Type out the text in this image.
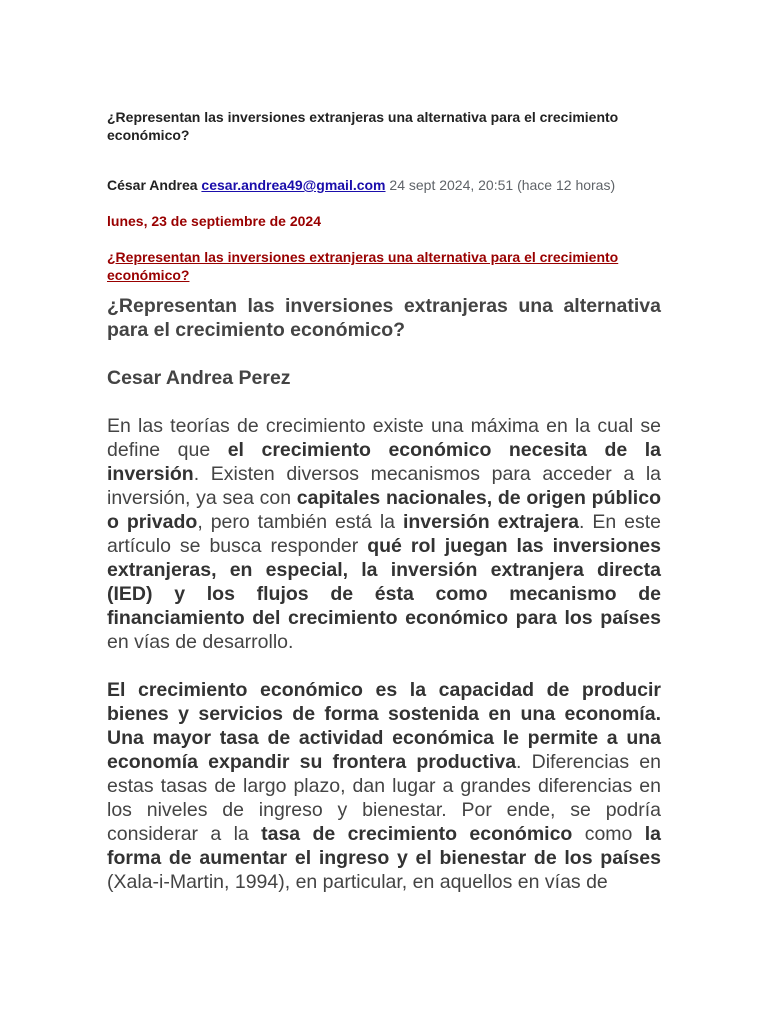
¿Representan las inversiones extranjeras una alternativa para el crecimiento económico?
César Andrea cesar.andrea49@gmail.com 24 sept 2024, 20:51 (hace 12 horas)
lunes, 23 de septiembre de 2024
¿Representan las inversiones extranjeras una alternativa para el crecimiento económico?
¿Representan las inversiones extranjeras una alternativa para el crecimiento económico?
Cesar Andrea Perez
En las teorías de crecimiento existe una máxima en la cual se define que el crecimiento económico necesita de la inversión. Existen diversos mecanismos para acceder a la inversión, ya sea con capitales nacionales, de origen público o privado, pero también está la inversión extrajera. En este artículo se busca responder qué rol juegan las inversiones extranjeras, en especial, la inversión extranjera directa (IED) y los flujos de ésta como mecanismo de financiamiento del crecimiento económico para los países en vías de desarrollo.
El crecimiento económico es la capacidad de producir bienes y servicios de forma sostenida en una economía. Una mayor tasa de actividad económica le permite a una economía expandir su frontera productiva. Diferencias en estas tasas de largo plazo, dan lugar a grandes diferencias en los niveles de ingreso y bienestar. Por ende, se podría considerar a la tasa de crecimiento económico como la forma de aumentar el ingreso y el bienestar de los países (Xala-i-Martin, 1994), en particular, en aquellos en vías de
